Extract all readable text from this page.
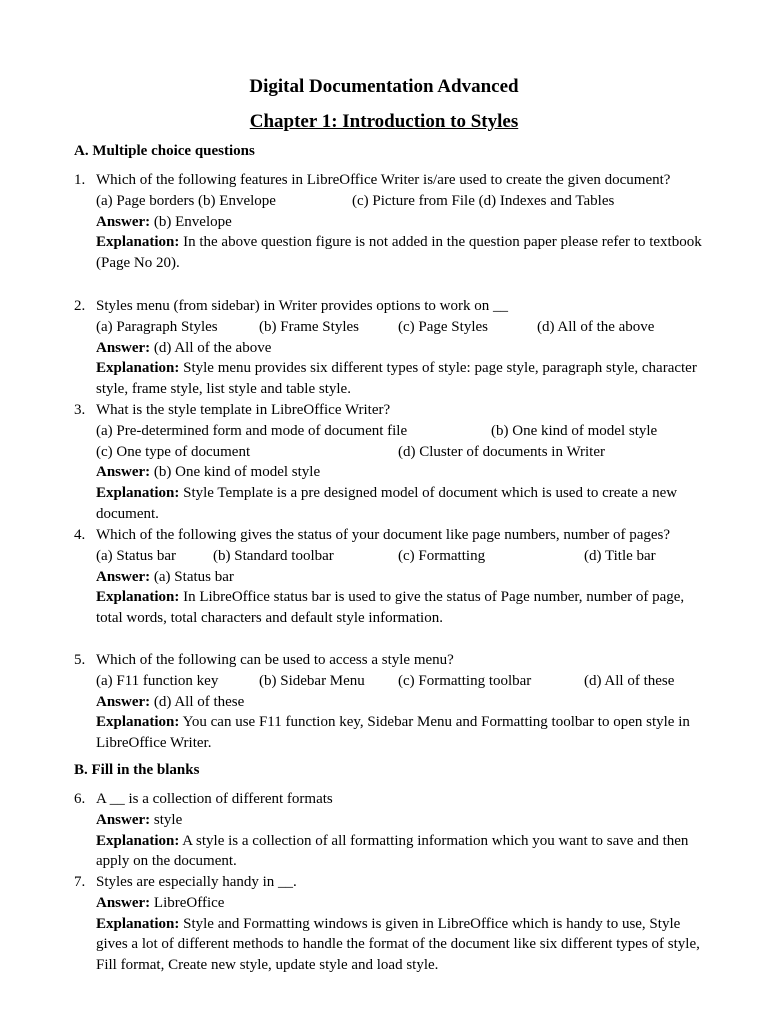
Digital Documentation Advanced
Chapter 1: Introduction to Styles
A. Multiple choice questions
1. Which of the following features in LibreOffice Writer is/are used to create the given document?
(a) Page borders (b) Envelope	(c) Picture from File (d) Indexes and Tables
Answer: (b) Envelope
Explanation: In the above question figure is not added in the question paper please refer to textbook (Page No 20).
2. Styles menu (from sidebar) in Writer provides options to work on __
(a) Paragraph Styles	(b) Frame Styles	(c) Page Styles	(d) All of the above
Answer: (d) All of the above
Explanation: Style menu provides six different types of style: page style, paragraph style, character style, frame style, list style and table style.
3. What is the style template in LibreOffice Writer?
(a) Pre-determined form and mode of document file	(b) One kind of model style
(c) One type of document	(d) Cluster of documents in Writer
Answer: (b) One kind of model style
Explanation: Style Template is a pre designed model of document which is used to create a new document.
4. Which of the following gives the status of your document like page numbers, number of pages?
(a) Status bar (b) Standard toolbar	(c) Formatting	(d) Title bar
Answer: (a) Status bar
Explanation: In LibreOffice status bar is used to give the status of Page number, number of page, total words, total characters and default style information.
5. Which of the following can be used to access a style menu?
(a) F11 function key	(b) Sidebar Menu (c) Formatting toolbar	(d) All of these
Answer: (d) All of these
Explanation: You can use F11 function key, Sidebar Menu and Formatting toolbar to open style in LibreOffice Writer.
B. Fill in the blanks
6. A __ is a collection of different formats
Answer: style
Explanation: A style is a collection of all formatting information which you want to save and then apply on the document.
7. Styles are especially handy in __.
Answer: LibreOffice
Explanation: Style and Formatting windows is given in LibreOffice which is handy to use, Style gives a lot of different methods to handle the format of the document like six different types of style, Fill format, Create new style, update style and load style.
